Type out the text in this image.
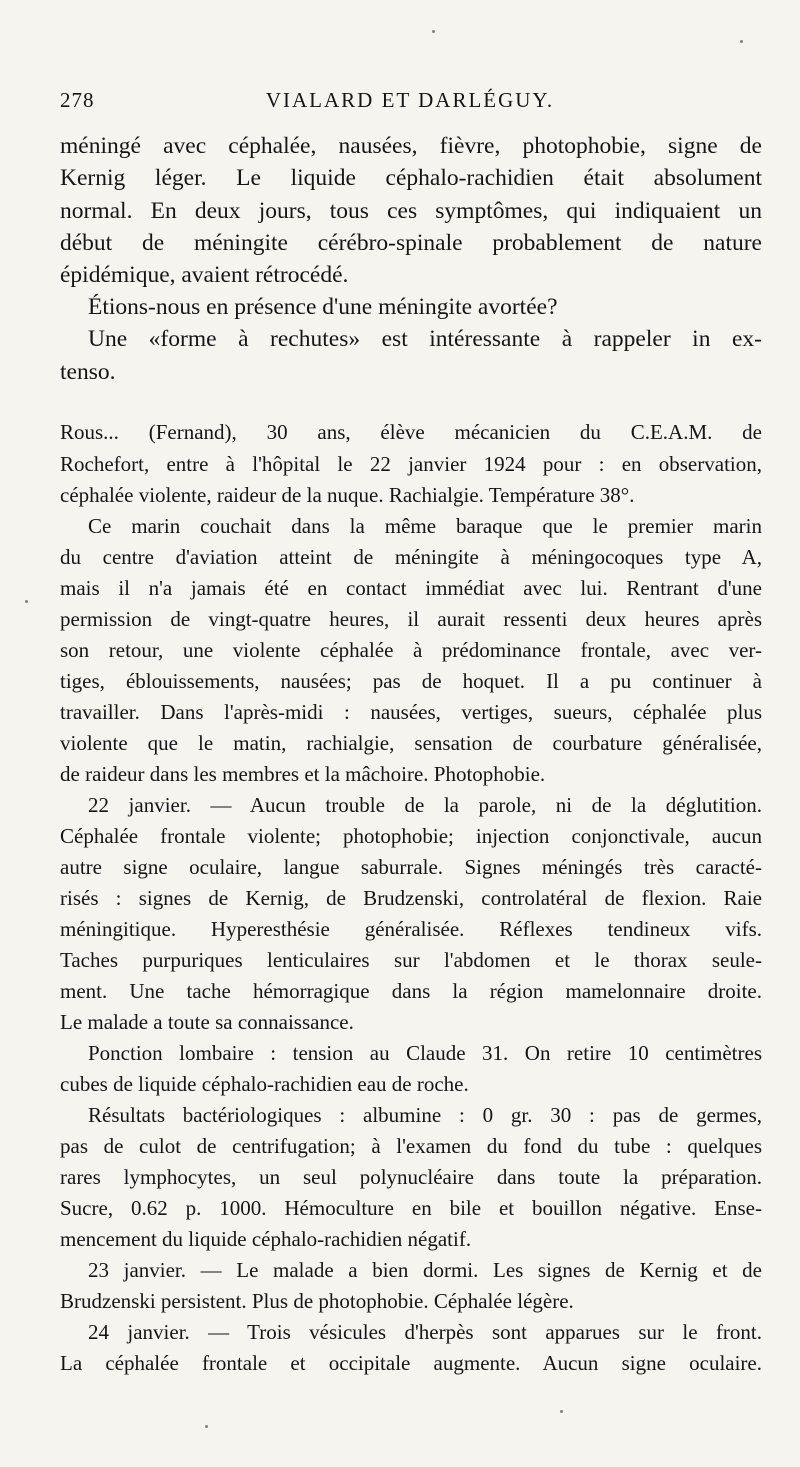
278	VIALARD ET DARLÉGUY.
méningé avec céphalée, nausées, fièvre, photophobie, signe de
Kernig léger. Le liquide céphalo-rachidien était absolument
normal. En deux jours, tous ces symptômes, qui indiquaient un
début de méningite cérébro-spinale probablement de nature
épidémique, avaient rétrocédé.
Étions-nous en présence d'une méningite avortée?
Une «forme à rechutes» est intéressante à rappeler in ex-
tenso.
Rous... (Fernand), 30 ans, élève mécanicien du C.E.A.M. de
Rochefort, entre à l'hôpital le 22 janvier 1924 pour : en observation,
céphalée violente, raideur de la nuque. Rachialgie. Température 38°.
Ce marin couchait dans la même baraque que le premier marin
du centre d'aviation atteint de méningite à méningocoques type A,
mais il n'a jamais été en contact immédiat avec lui. Rentrant d'une
permission de vingt-quatre heures, il aurait ressenti deux heures après
son retour, une violente céphalée à prédominance frontale, avec ver-
tiges, éblouissements, nausées; pas de hoquet. Il a pu continuer à
travailler. Dans l'après-midi : nausées, vertiges, sueurs, céphalée plus
violente que le matin, rachialgie, sensation de courbature généralisée,
de raideur dans les membres et la mâchoire. Photophobie.
22 janvier. — Aucun trouble de la parole, ni de la déglutition.
Céphalée frontale violente; photophobie; injection conjonctivale, aucun
autre signe oculaire, langue saburrale. Signes méningés très caracté-
risés : signes de Kernig, de Brudzenski, controlatéral de flexion. Raie
méningitique. Hyperesthésie généralisée. Réflexes tendineux vifs.
Taches purpuriques lenticulaires sur l'abdomen et le thorax seule-
ment. Une tache hémorragique dans la région mamelonnaire droite.
Le malade a toute sa connaissance.
Ponction lombaire : tension au Claude 31. On retire 10 centimètres
cubes de liquide céphalo-rachidien eau de roche.
Résultats bactériologiques : albumine : 0 gr. 30 : pas de germes,
pas de culot de centrifugation; à l'examen du fond du tube : quelques
rares lymphocytes, un seul polynucléaire dans toute la préparation.
Sucre, 0.62 p. 1000. Hémoculture en bile et bouillon négative. Ense-
mencement du liquide céphalo-rachidien négatif.
23 janvier. — Le malade a bien dormi. Les signes de Kernig et de
Brudzenski persistent. Plus de photophobie. Céphalée légère.
24 janvier. — Trois vésicules d'herpès sont apparues sur le front.
La céphalée frontale et occipitale augmente. Aucun signe oculaire.
